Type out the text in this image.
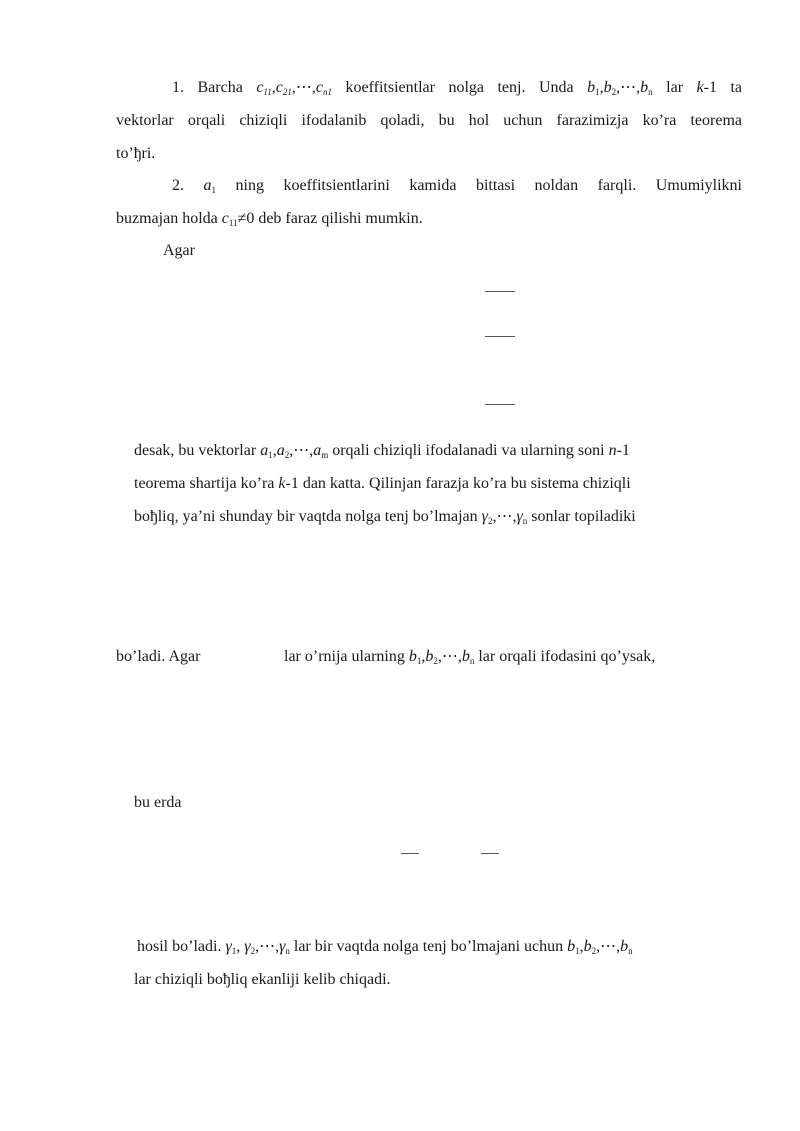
1. Barcha $c_{11},c_{21},\cdots,c_{n1}$ koeffitsientlar nolga tenj. Unda $b_1,b_2,\cdots,b_n$ lar k-1 ta
vektorlar orqali chiziqli ifodalanib qoladi, bu hol uchun farazimizja ko’ra teorema
to’ђri.
2. $a_1$ ning koeffitsientlarini kamida bittasi noldan farqli. Umumiylikni
buzmajan holda $c_{11}\ne 0$ deb faraz qilishi mumkin.
Agar
desak, bu vektorlar $a_1,a_2,\cdots,a_m$ orqali chiziqli ifodalanadi va ularning soni n-1
teorema shartija ko’ra k-1 dan katta. Qilinjan farazja ko’ra bu sistema chiziqli
boђliq, ya’ni shunday bir vaqtda nolga tenj bo’lmajan $\gamma_2,\cdots,\gamma_n$ sonlar topiladiki
bo’ladi. Agar	lar o’rnija ularning $b_1,b_2,\cdots,b_n$ lar orqali ifodasini qo’ysak,
bu erda
hosil bo’ladi. $\gamma_1$, $\gamma_2,\cdots,\gamma_n$ lar bir vaqtda nolga tenj bo’lmajani uchun $b_1,b_2,\cdots,b_n$
lar chiziqli boђliq ekanliji kelib chiqadi.
